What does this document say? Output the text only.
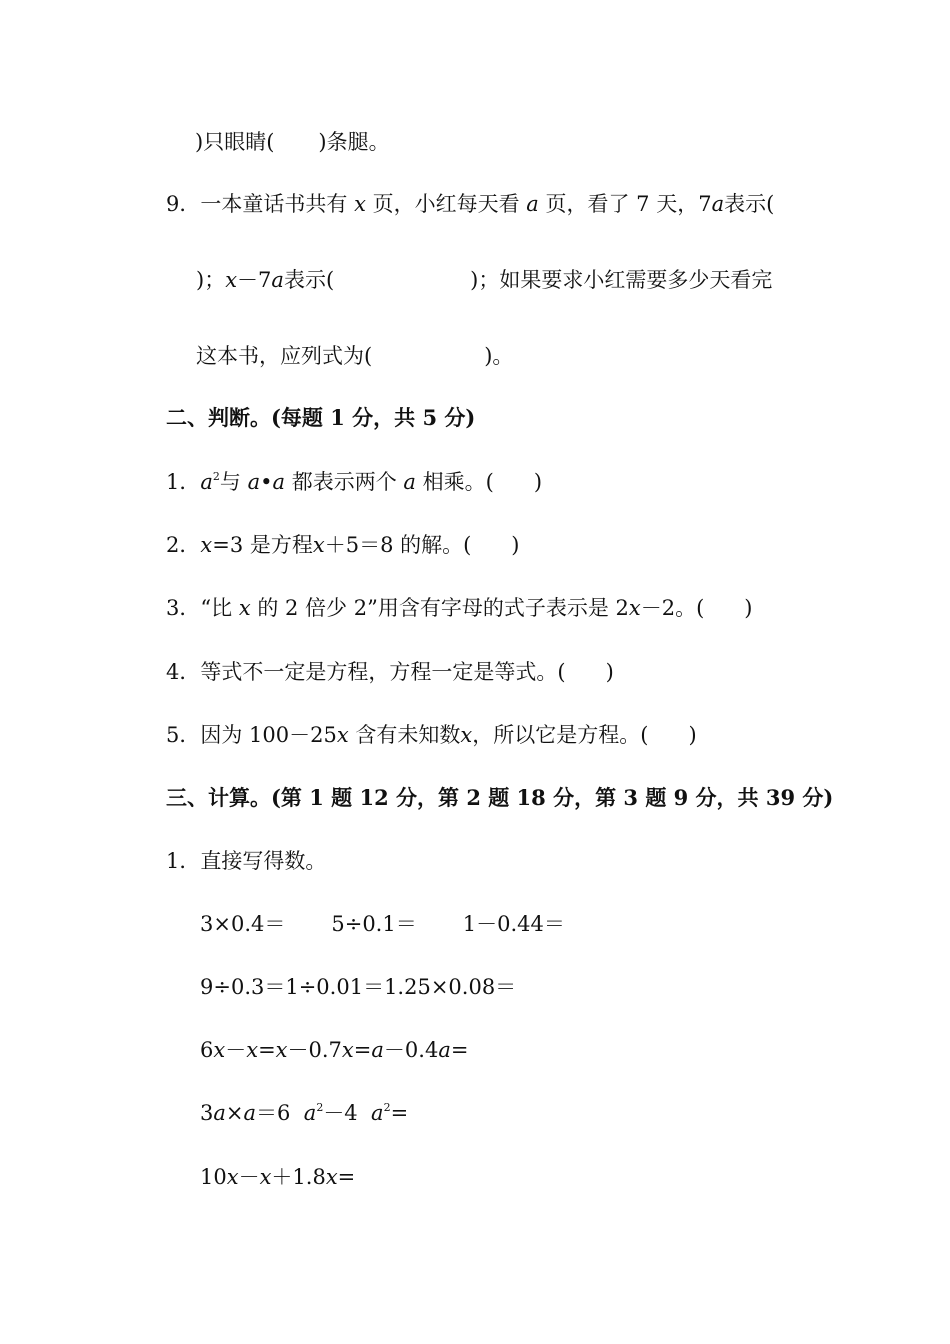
)只眼睛( )条腿。
9．一本童话书共有 x 页，小红每天看 a 页，看了 7 天，7a表示(
)；x－7a表示(	)；如果要求小红需要多少天看完
这本书，应列式为(	)。
二、判断。(每题 1 分，共 5 分)
1．$a^2$与 a•a 都表示两个 a 相乘。( )
2．x=3 是方程x＋5＝8 的解。( )
3．“比 x 的 2 倍少 2”用含有字母的式子表示是 2x－2。( )
4．等式不一定是方程，方程一定是等式。( )
5．因为 100－25x 含有未知数x，所以它是方程。( )
三、计算。(第 1 题 12 分，第 2 题 18 分，第 3 题 9 分，共 39 分)
1．直接写得数。
3×0.4＝ 5÷0.1＝ 1－0.44＝
9÷0.3＝1÷0.01＝1.25×0.08＝
6x－x=x－0.7x=a－0.4a=
3a×a＝6 $a^2-4$ $a^2=$
10x－x＋1.8x=
